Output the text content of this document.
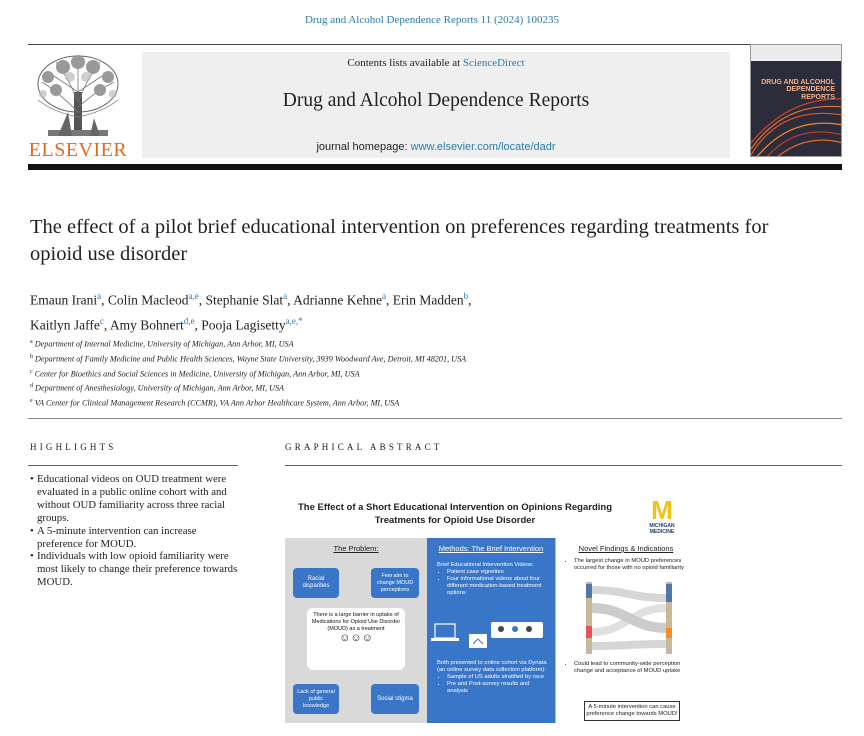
Drug and Alcohol Dependence Reports 11 (2024) 100235
ELSEVIER
Contents lists available at ScienceDirect
Drug and Alcohol Dependence Reports
journal homepage: www.elsevier.com/locate/dadr
DRUG AND ALCOHOL DEPENDENCE REPORTS
The effect of a pilot brief educational intervention on preferences regarding treatments for opioid use disorder
Emaun Irani$^a$, Colin Macleod$^{a,e}$, Stephanie Slat$^a$, Adrianne Kehne$^a$, Erin Madden$^b$,
Kaitlyn Jaffe$^c$, Amy Bohnert$^{d,e}$, Pooja Lagisetty$^{a,e,*}$
$^a$ Department of Internal Medicine, University of Michigan, Ann Arbor, MI, USA
$^b$ Department of Family Medicine and Public Health Sciences, Wayne State University, 3939 Woodward Ave, Detroit, MI 48201, USA
$^c$ Center for Bioethics and Social Sciences in Medicine, University of Michigan, Ann Arbor, MI, USA
$^d$ Department of Anesthesiology, University of Michigan, Ann Arbor, MI, USA
$^e$ VA Center for Clinical Management Research (CCMR), VA Ann Arbor Healthcare System, Ann Arbor, MI, USA
HIGHLIGHTS	GRAPHICAL ABSTRACT
• Educational videos on OUD treatment were evaluated in a public online cohort with and without OUD familiarity across three racial groups.
• A 5-minute intervention can increase preference for MOUD.
• Individuals with low opioid familiarity were most likely to change their preference towards MOUD.
The Effect of a Short Educational Intervention on Opinions Regarding Treatments for Opioid Use Disorder	M
MICHIGAN MEDICINE
The Problem:
Racial disparities
Few aim to change MOUD perceptions
There is a large barrier in uptake of Medications for Opioid Use Disorder (MOUD) as a treatment
☺☺☺
Lack of general public knowledge
Social stigma
Methods: The Brief Intervention
Brief Educational Intervention Videos:
• Patient case vignettes
• Four informational videos about four different medication-based treatment options
Both presented to online cohort via Dynata (an online survey data collection platform):
• Sample of US adults stratified by race
• Pre and Post-survey results and analysis
Novel Findings & Indications
• The largest change in MOUD preferences occurred for those with no opioid familiarity
• Could lead to community-wide perception change and acceptance of MOUD uptake
A 5-minute intervention can cause preference change towards MOUD!
